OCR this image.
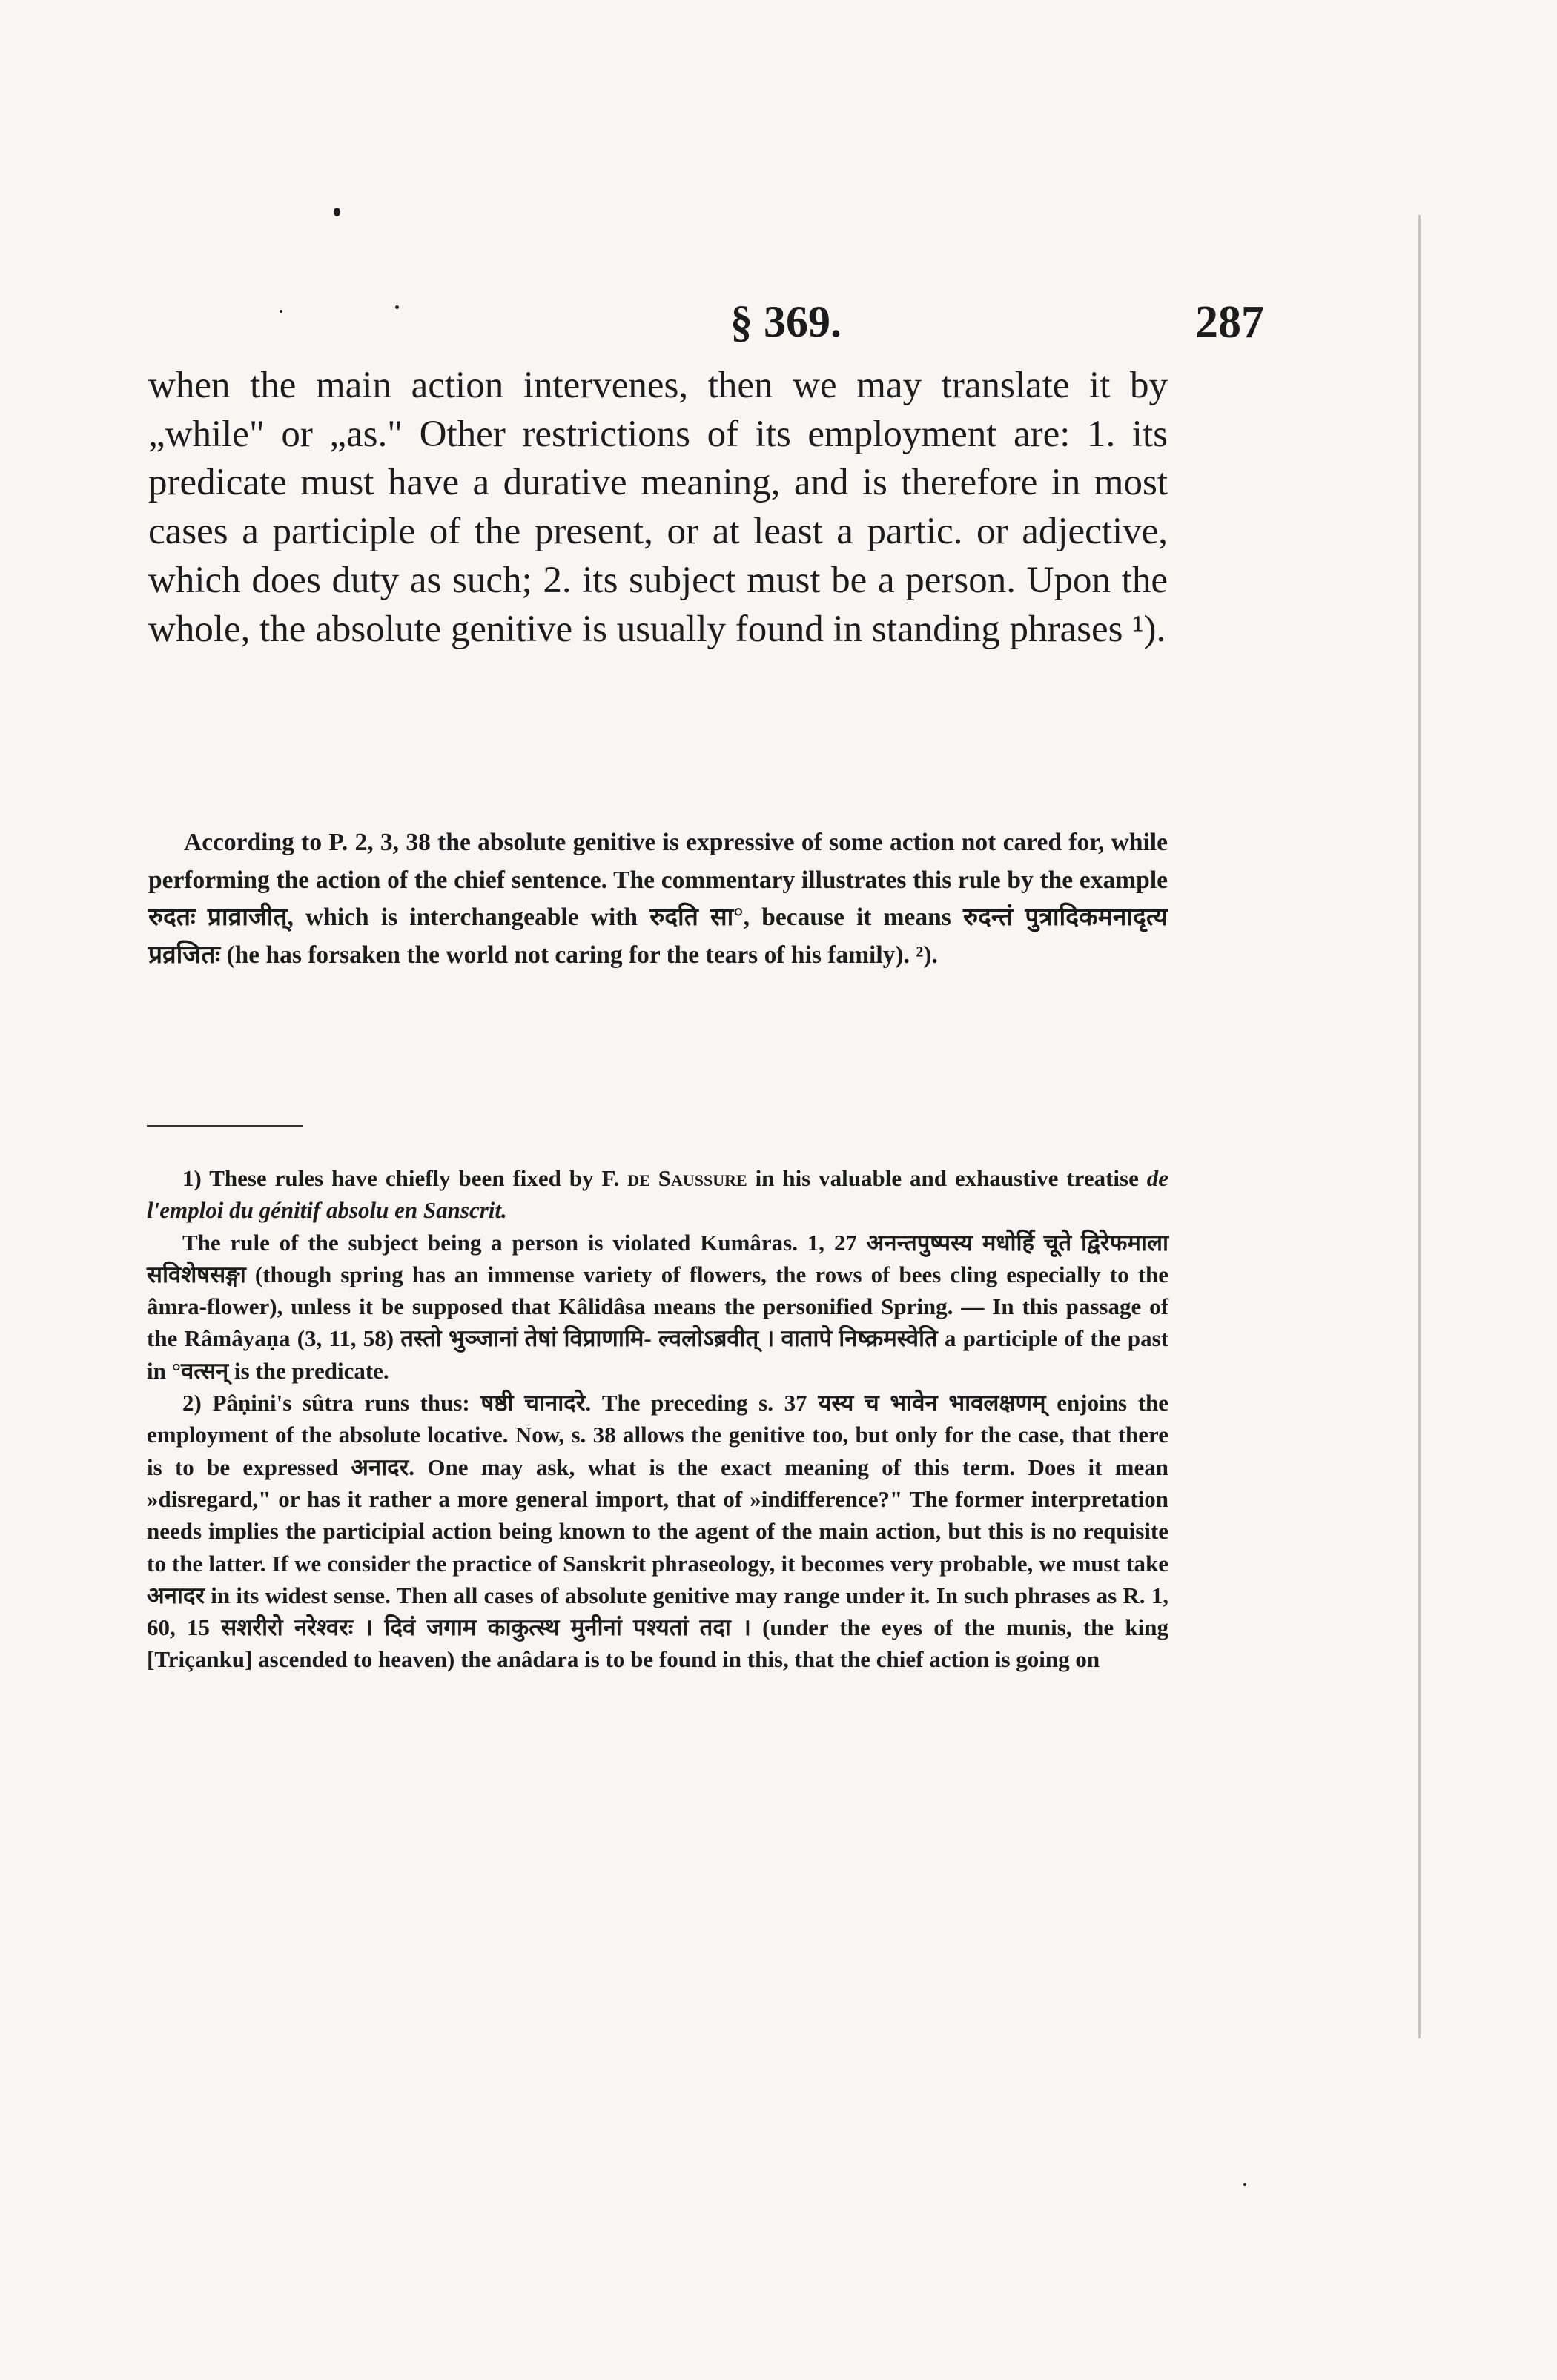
§ 369.	287

when the main action intervenes, then we may translate it by „while" or „as." Other restrictions of its employment are: 1. its predicate must have a durative meaning, and is therefore in most cases a participle of the present, or at least a partic. or adjective, which does duty as such; 2. its subject must be a person. Upon the whole, the absolute genitive is usually found in standing phrases ¹).

According to P. 2, 3, 38 the absolute genitive is expressive of some action not cared for, while performing the action of the chief sentence. The commentary illustrates this rule by the example रुदतः प्राव्राजीत्, which is interchangeable with रुदति सा°, because it means रुदन्तं पुत्रादिकमनादृत्य प्रव्रजितः (he has forsaken the world not caring for the tears of his family). ²).

1) These rules have chiefly been fixed by F. de Saussure in his valuable and exhaustive treatise de l'emploi du génitif absolu en Sanscrit.

The rule of the subject being a person is violated Kumâras. 1, 27 अनन्तपुष्पस्य मधोर्हि चूते द्विरेफमाला सविशेषसङ्गा (though spring has an immense variety of flowers, the rows of bees cling especially to the âmra-flower), unless it be supposed that Kâlidâsa means the personified Spring. — In this passage of the Râmâyaṇa (3, 11, 58) तस्तो भुञ्जानां तेषां विप्राणामि- ल्वलोऽब्रवीत् । वातापे निष्क्रमस्वेति a participle of the past in °वत्सन् is the predicate.

2) Pâṇini's sûtra runs thus: षष्ठी चानादरे. The preceding s. 37 यस्य च भावेन भावलक्षणम् enjoins the employment of the absolute locative. Now, s. 38 allows the genitive too, but only for the case, that there is to be expressed अनादर. One may ask, what is the exact meaning of this term. Does it mean »disregard," or has it rather a more general import, that of »indifference?" The former interpretation needs implies the participial action being known to the agent of the main action, but this is no requisite to the latter. If we consider the practice of Sanskrit phraseology, it becomes very probable, we must take अनादर in its widest sense. Then all cases of absolute genitive may range under it. In such phrases as R. 1, 60, 15 सशरीरो नरेश्वरः । दिवं जगाम काकुत्स्थ मुनीनां पश्यतां तदा । (under the eyes of the munis, the king [Triçanku] ascended to heaven) the anâdara is to be found in this, that the chief action is going on
